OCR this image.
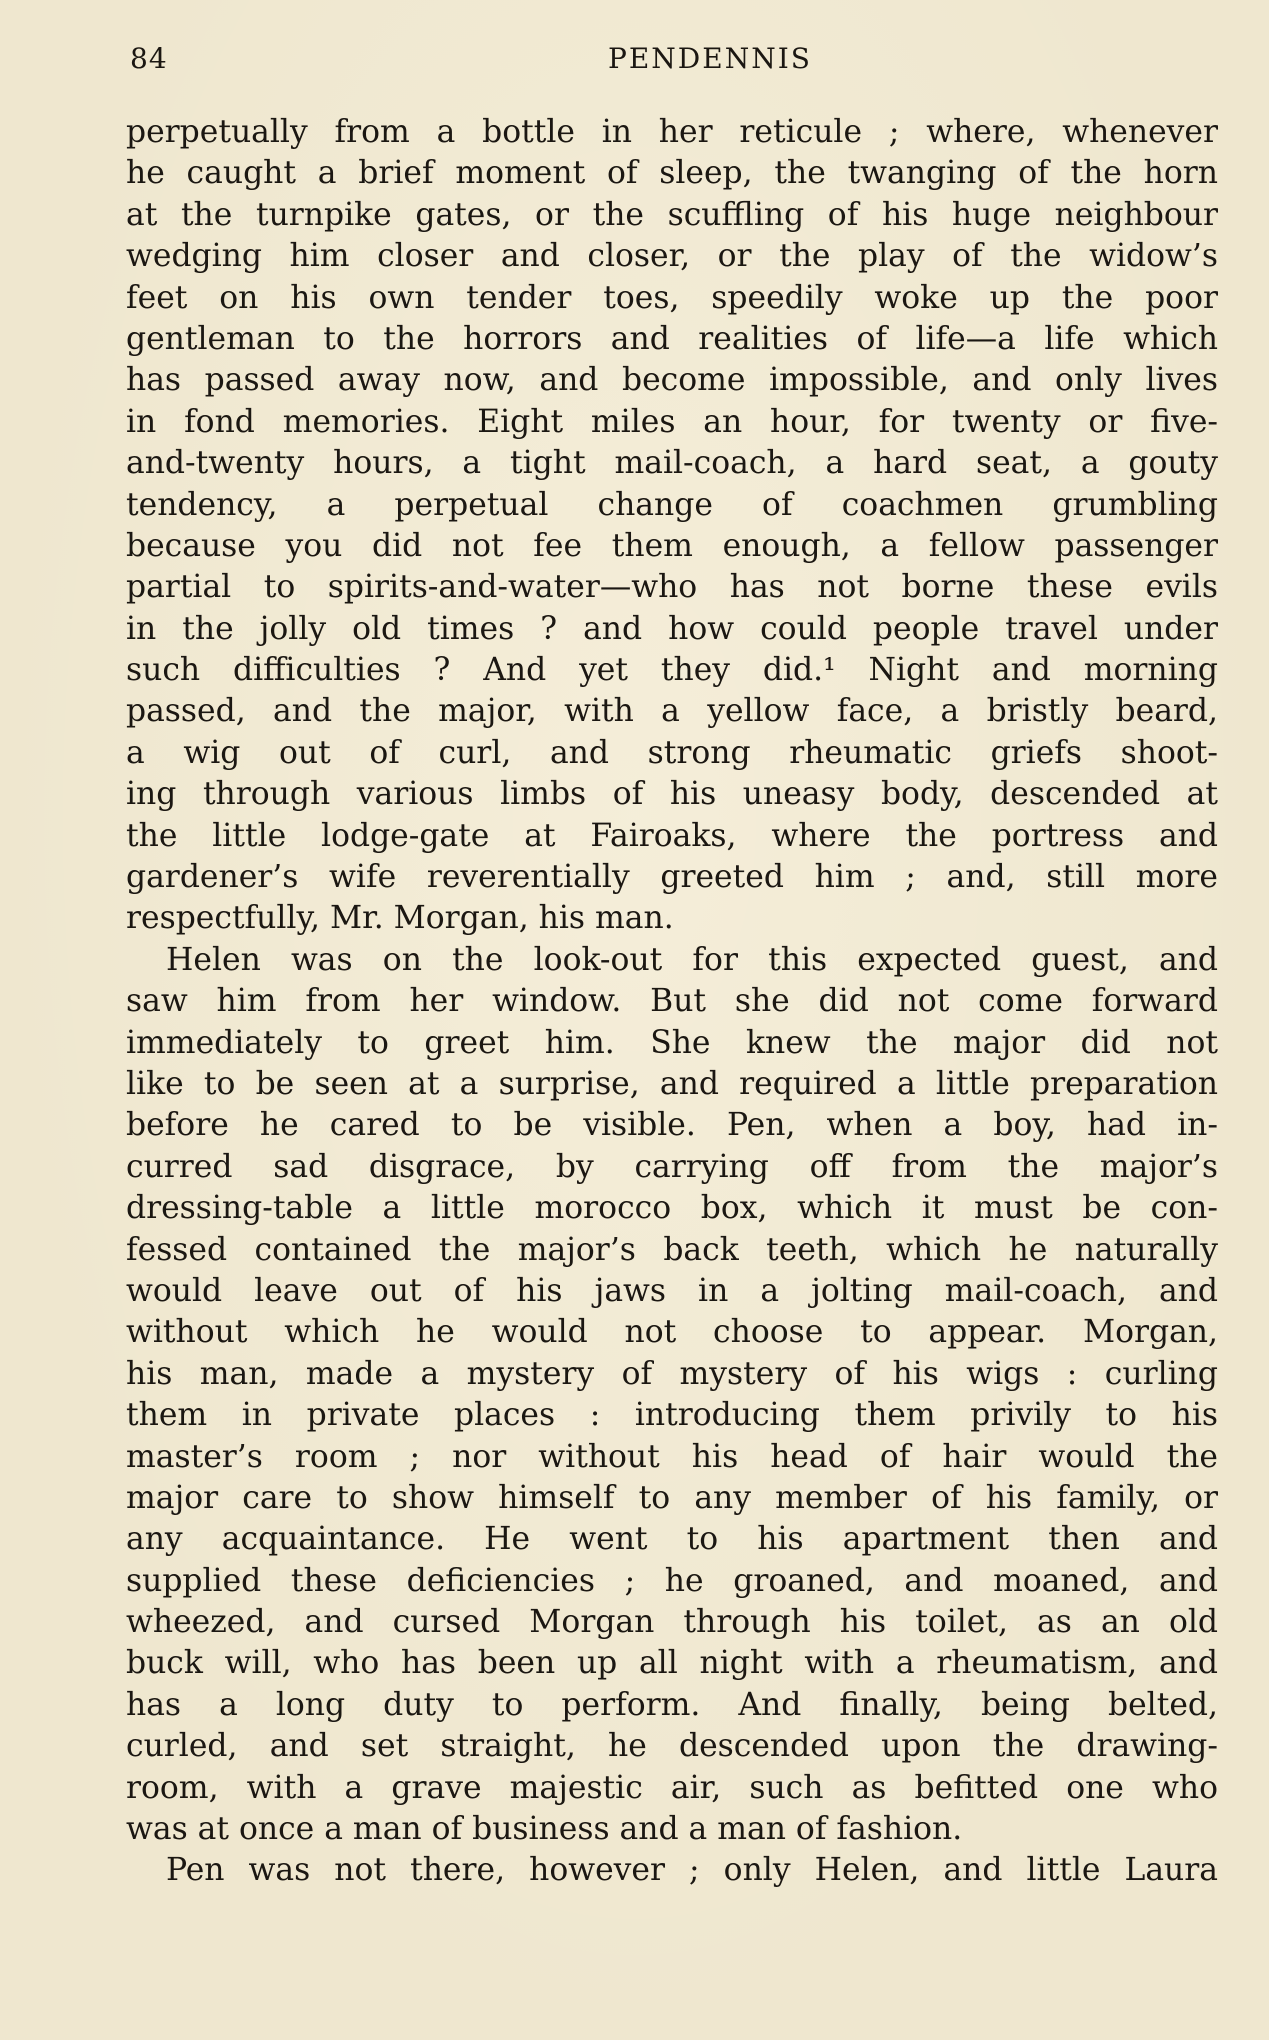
84	PENDENNIS
perpetually from a bottle in her reticule ; where, whenever
he caught a brief moment of sleep, the twanging of the horn
at the turnpike gates, or the scuffling of his huge neighbour
wedging him closer and closer, or the play of the widow’s
feet on his own tender toes, speedily woke up the poor
gentleman to the horrors and realities of life—a life which
has passed away now, and become impossible, and only lives
in fond memories. Eight miles an hour, for twenty or five-
and-twenty hours, a tight mail-coach, a hard seat, a gouty
tendency, a perpetual change of coachmen grumbling
because you did not fee them enough, a fellow passenger
partial to spirits-and-water—who has not borne these evils
in the jolly old times ? and how could people travel under
such difficulties ? And yet they did.¹ Night and morning
passed, and the major, with a yellow face, a bristly beard,
a wig out of curl, and strong rheumatic griefs shoot-
ing through various limbs of his uneasy body, descended at
the little lodge-gate at Fairoaks, where the portress and
gardener’s wife reverentially greeted him ; and, still more
respectfully, Mr. Morgan, his man.
Helen was on the look-out for this expected guest, and
saw him from her window. But she did not come forward
immediately to greet him. She knew the major did not
like to be seen at a surprise, and required a little preparation
before he cared to be visible. Pen, when a boy, had in-
curred sad disgrace, by carrying off from the major’s
dressing-table a little morocco box, which it must be con-
fessed contained the major’s back teeth, which he naturally
would leave out of his jaws in a jolting mail-coach, and
without which he would not choose to appear. Morgan,
his man, made a mystery of mystery of his wigs : curling
them in private places : introducing them privily to his
master’s room ; nor without his head of hair would the
major care to show himself to any member of his family, or
any acquaintance. He went to his apartment then and
supplied these deficiencies ; he groaned, and moaned, and
wheezed, and cursed Morgan through his toilet, as an old
buck will, who has been up all night with a rheumatism, and
has a long duty to perform. And finally, being belted,
curled, and set straight, he descended upon the drawing-
room, with a grave majestic air, such as befitted one who
was at once a man of business and a man of fashion.
Pen was not there, however ; only Helen, and little Laura
